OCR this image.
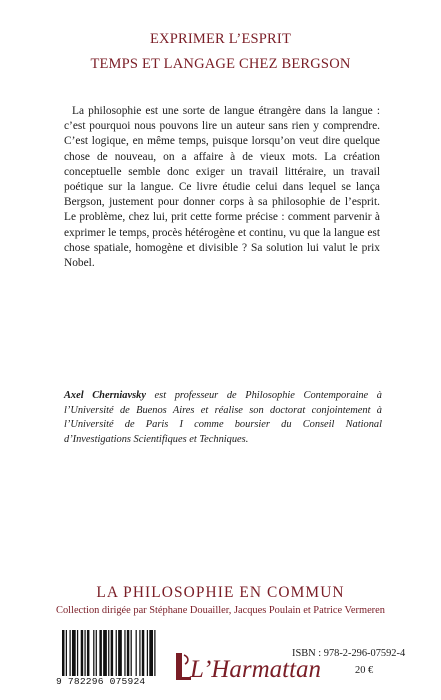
EXPRIMER L’ESPRIT
TEMPS ET LANGAGE CHEZ BERGSON

La philosophie est une sorte de langue étrangère dans la langue : c’est pourquoi nous pouvons lire un auteur sans rien y comprendre. C’est logique, en même temps, puisque lorsqu’on veut dire quelque chose de nouveau, on a affaire à de vieux mots. La création conceptuelle semble donc exiger un travail littéraire, un travail poétique sur la langue. Ce livre étudie celui dans lequel se lança Bergson, justement pour donner corps à sa philosophie de l’esprit. Le problème, chez lui, prit cette forme précise : comment parvenir à exprimer le temps, procès hétérogène et continu, vu que la langue est chose spatiale, homogène et divisible ? Sa solution lui valut le prix Nobel.

Axel Cherniavsky est professeur de Philosophie Contemporaine à l’Université de Buenos Aires et réalise son doctorat conjointement à l’Université de Paris I comme boursier du Conseil National d’Investigations Scientifiques et Techniques.

LA PHILOSOPHIE EN COMMUN
Collection dirigée par Stéphane Douailler, Jacques Poulain et Patrice Vermeren
9 782296 075924	L’Harmattan
ISBN : 978-2-296-07592-4
20 €
